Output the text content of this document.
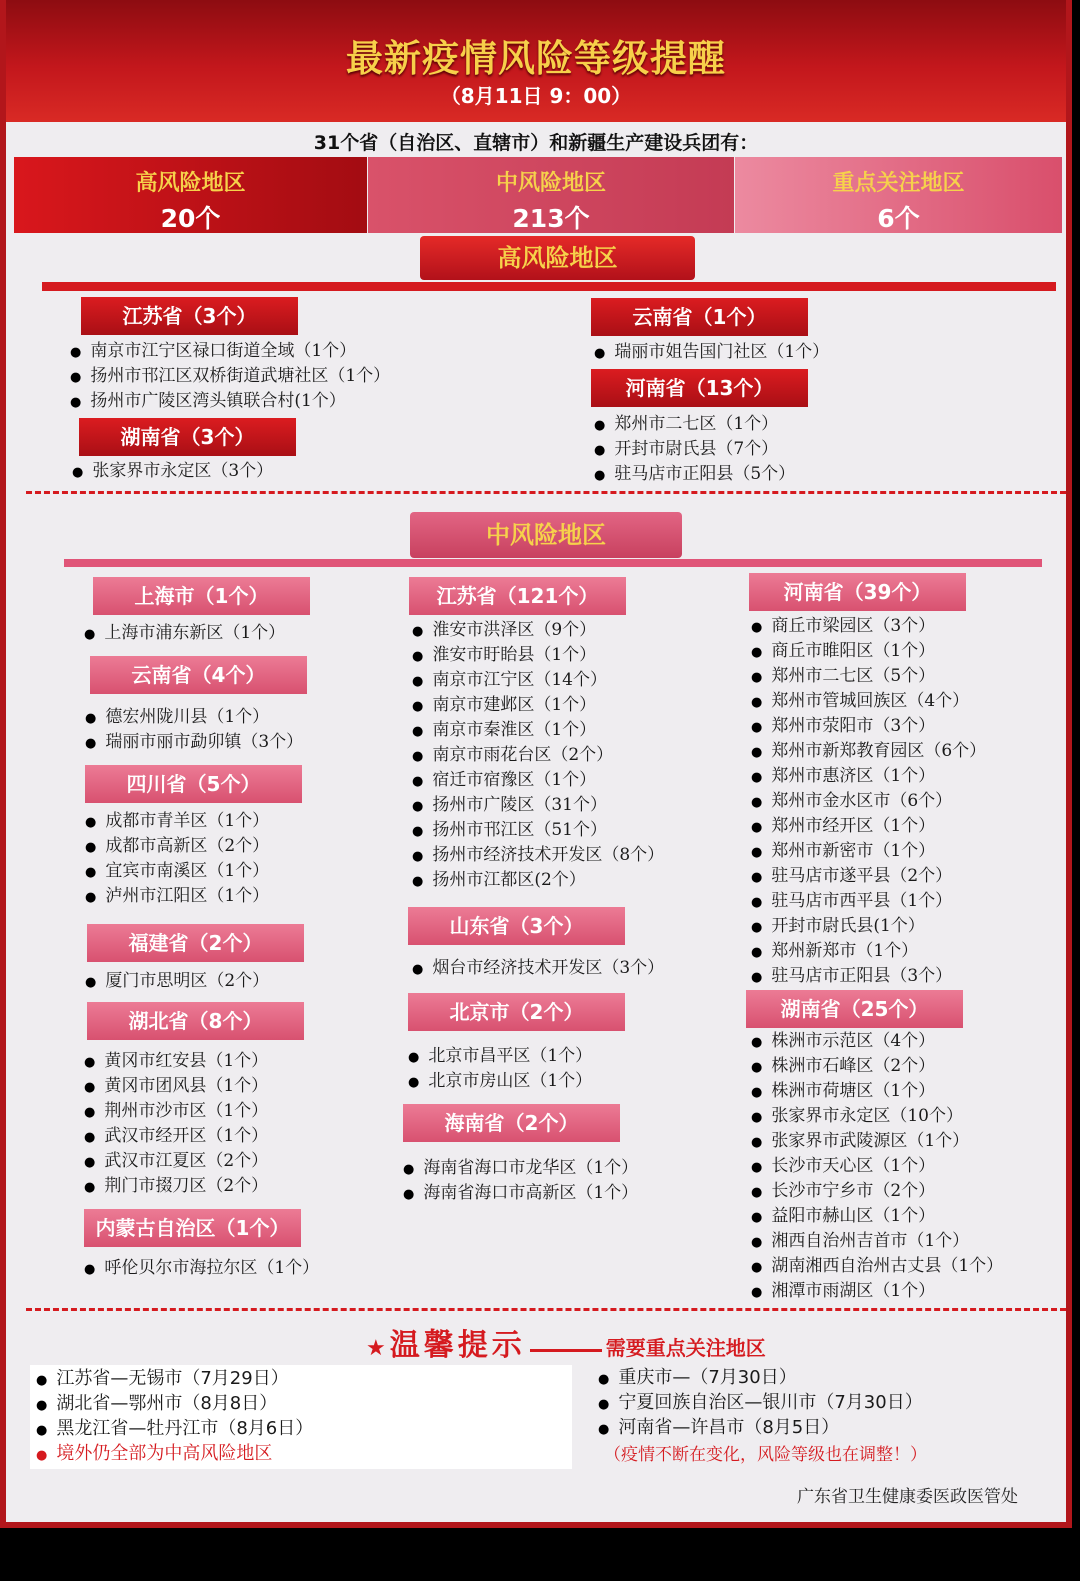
最新疫情风险等级提醒
（8月11日 9：00）
31个省（自治区、直辖市）和新疆生产建设兵团有：
高风险地区
20个
中风险地区
213个
重点关注地区
6个
高风险地区
江苏省（3个）
● 南京市江宁区禄口街道全域（1个）
● 扬州市邗江区双桥街道武塘社区（1个）
● 扬州市广陵区湾头镇联合村(1个）
湖南省（3个）
● 张家界市永定区（3个）
云南省（1个）
● 瑞丽市姐告国门社区（1个）
河南省（13个）
● 郑州市二七区（1个）
● 开封市尉氏县（7个）
● 驻马店市正阳县（5个）
中风险地区
上海市（1个）
● 上海市浦东新区（1个）
云南省（4个）
● 德宏州陇川县（1个）
● 瑞丽市丽市勐卯镇（3个）
四川省（5个）
● 成都市青羊区（1个）
● 成都市高新区（2个）
● 宜宾市南溪区（1个）
● 泸州市江阳区（1个）
福建省（2个）
● 厦门市思明区（2个）
湖北省（8个）
● 黄冈市红安县（1个）
● 黄冈市团风县（1个）
● 荆州市沙市区（1个）
● 武汉市经开区（1个）
● 武汉市江夏区（2个）
● 荆门市掇刀区（2个）
内蒙古自治区（1个）
● 呼伦贝尔市海拉尔区（1个）
江苏省（121个）
● 淮安市洪泽区（9个）
● 淮安市盱眙县（1个）
● 南京市江宁区（14个）
● 南京市建邺区（1个）
● 南京市秦淮区（1个）
● 南京市雨花台区（2个）
● 宿迁市宿豫区（1个）
● 扬州市广陵区（31个）
● 扬州市邗江区（51个）
● 扬州市经济技术开发区（8个）
● 扬州市江都区(2个）
山东省（3个）
● 烟台市经济技术开发区（3个）
北京市（2个）
● 北京市昌平区（1个）
● 北京市房山区（1个）
海南省（2个）
● 海南省海口市龙华区（1个）
● 海南省海口市高新区（1个）
河南省（39个）
● 商丘市梁园区（3个）
● 商丘市睢阳区（1个）
● 郑州市二七区（5个）
● 郑州市管城回族区（4个）
● 郑州市荥阳市（3个）
● 郑州市新郑教育园区（6个）
● 郑州市惠济区（1个）
● 郑州市金水区市（6个）
● 郑州市经开区（1个）
● 郑州市新密市（1个）
● 驻马店市遂平县（2个）
● 驻马店市西平县（1个）
● 开封市尉氏县(1个）
● 郑州新郑市（1个）
● 驻马店市正阳县（3个）
湖南省（25个）
● 株洲市示范区（4个）
● 株洲市石峰区（2个）
● 株洲市荷塘区（1个）
● 张家界市永定区（10个）
● 张家界市武陵源区（1个）
● 长沙市天心区（1个）
● 长沙市宁乡市（2个）
● 益阳市赫山区（1个）
● 湘西自治州吉首市（1个）
● 湖南湘西自治州古丈县（1个）
● 湘潭市雨湖区（1个）
★ 温馨提示	需要重点关注地区
● 江苏省—无锡市（7月29日）
● 湖北省—鄂州市（8月8日）
● 黑龙江省—牡丹江市（8月6日）
● 境外仍全部为中高风险地区
● 重庆市—（7月30日）
● 宁夏回族自治区—银川市（7月30日）
● 河南省—许昌市（8月5日）
（疫情不断在变化，风险等级也在调整！）
广东省卫生健康委医政医管处
